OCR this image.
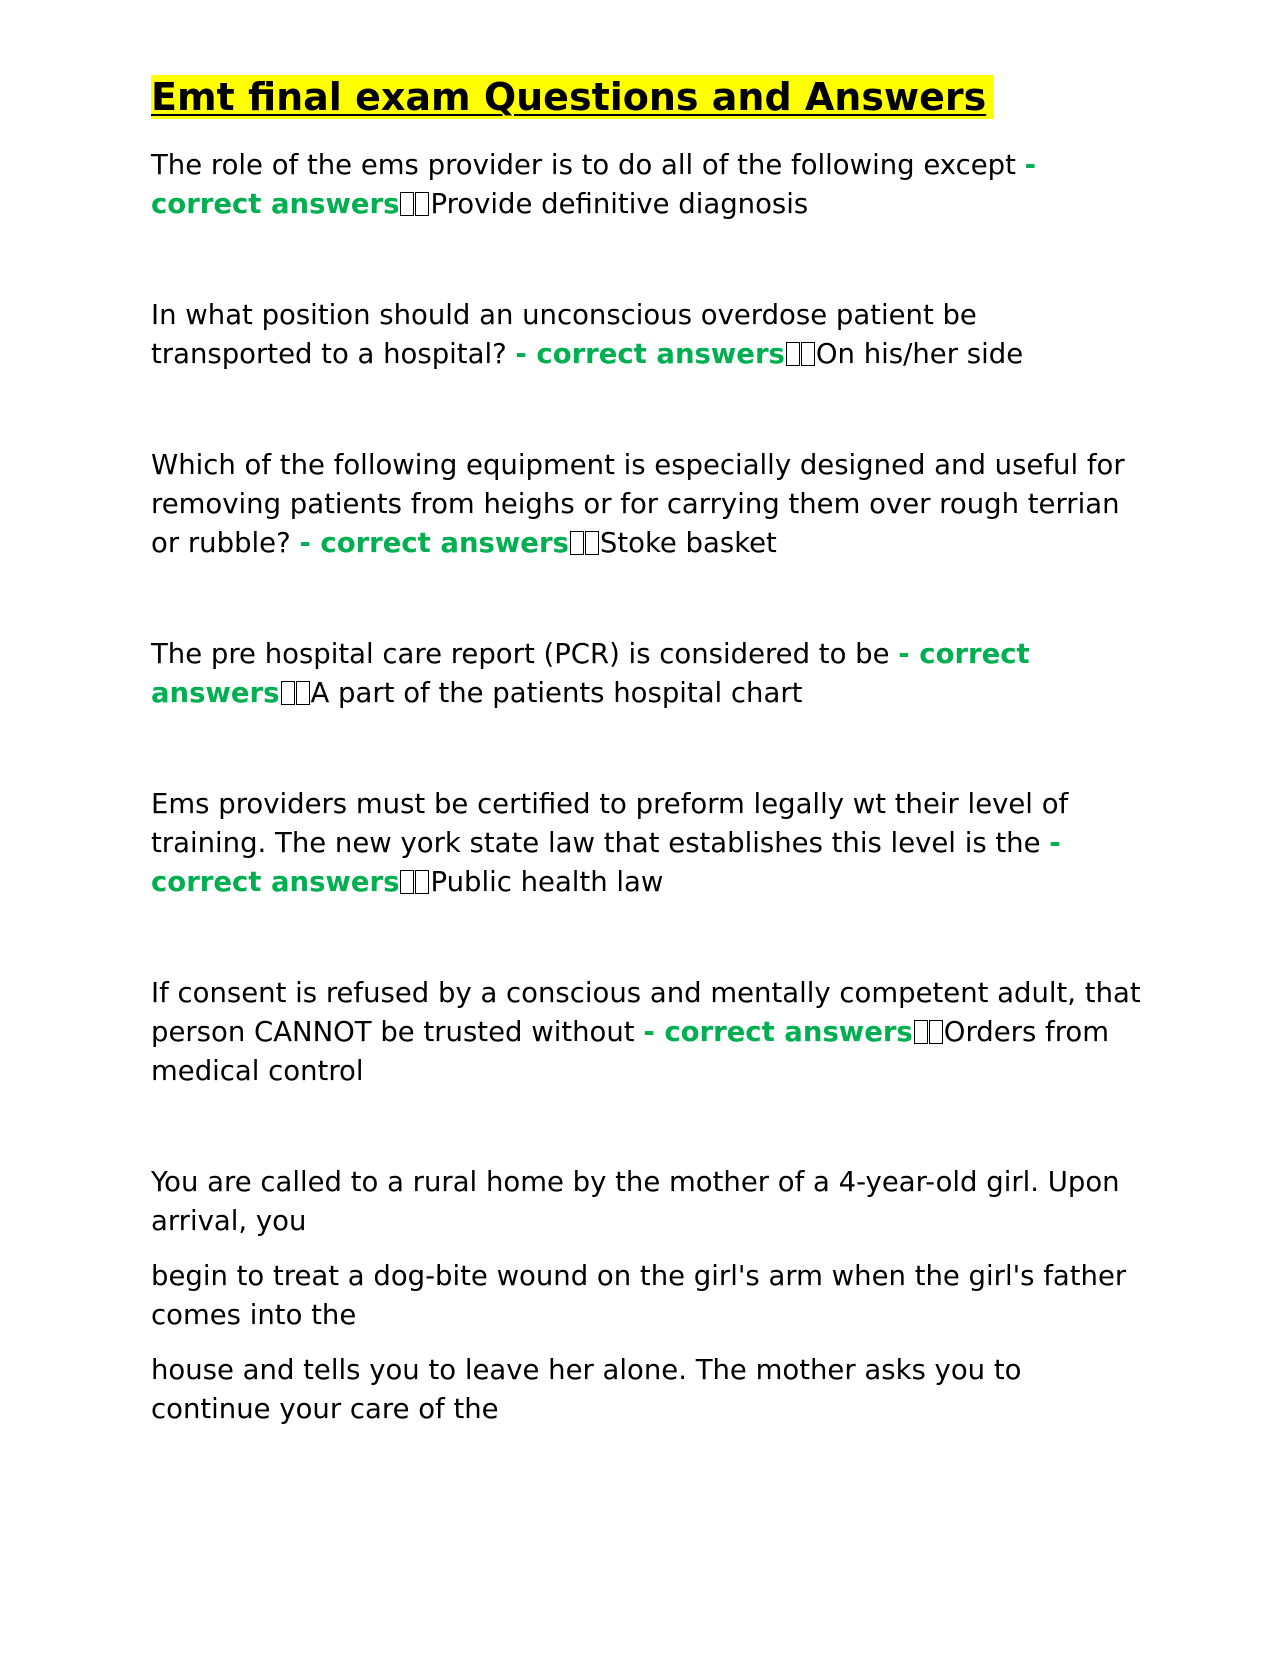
Emt final exam Questions and Answers

The role of the ems provider is to do all of the following except - correct answers Provide definitive diagnosis

In what position should an unconscious overdose patient be transported to a hospital? - correct answers On his/her side

Which of the following equipment is especially designed and useful for removing patients from heighs or for carrying them over rough terrian or rubble? - correct answers Stoke basket

The pre hospital care report (PCR) is considered to be - correct answers A part of the patients hospital chart

Ems providers must be certified to preform legally wt their level of training. The new york state law that establishes this level is the - correct answers Public health law

If consent is refused by a conscious and mentally competent adult, that person CANNOT be trusted without - correct answers Orders from medical control

You are called to a rural home by the mother of a 4-year-old girl. Upon arrival, you

begin to treat a dog-bite wound on the girl's arm when the girl's father comes into the

house and tells you to leave her alone. The mother asks you to continue your care of the
